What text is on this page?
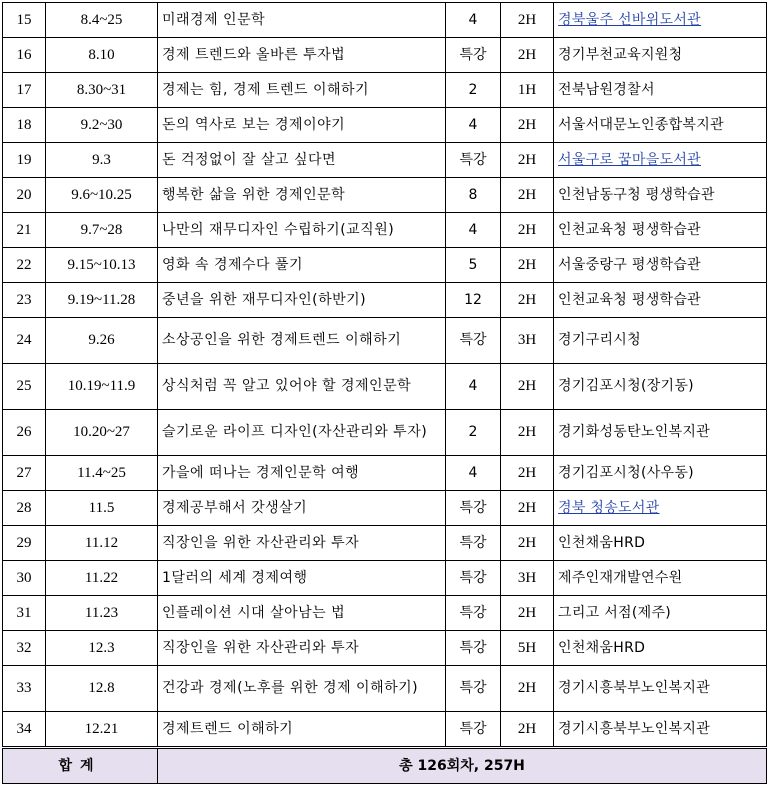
15	8.4~25	미래경제 인문학	4	2H	경북울주 선바위도서관
16	8.10	경제 트렌드와 올바른 투자법	특강	2H	경기부천교육지원청
17	8.30~31	경제는 힘, 경제 트렌드 이해하기	2	1H	전북남원경찰서
18	9.2~30	돈의 역사로 보는 경제이야기	4	2H	서울서대문노인종합복지관
19	9.3	돈 걱정없이 잘 살고 싶다면	특강	2H	서울구로 꿈마을도서관
20	9.6~10.25	행복한 삶을 위한 경제인문학	8	2H	인천남동구청 평생학습관
21	9.7~28	나만의 재무디자인 수립하기(교직원)	4	2H	인천교육청 평생학습관
22	9.15~10.13	영화 속 경제수다 풀기	5	2H	서울중랑구 평생학습관
23	9.19~11.28	중년을 위한 재무디자인(하반기)	12	2H	인천교육청 평생학습관
24	9.26	소상공인을 위한 경제트렌드 이해하기	특강	3H	경기구리시청
25	10.19~11.9	상식처럼 꼭 알고 있어야 할 경제인문학	4	2H	경기김포시청(장기동)
26	10.20~27	슬기로운 라이프 디자인(자산관리와 투자)	2	2H	경기화성동탄노인복지관
27	11.4~25	가을에 떠나는 경제인문학 여행	4	2H	경기김포시청(사우동)
28	11.5	경제공부해서 갓생살기	특강	2H	경북 청송도서관
29	11.12	직장인을 위한 자산관리와 투자	특강	2H	인천채움HRD
30	11.22	1달러의 세계 경제여행	특강	3H	제주인재개발연수원
31	11.23	인플레이션 시대 살아남는 법	특강	2H	그리고 서점(제주)
32	12.3	직장인을 위한 자산관리와 투자	특강	5H	인천채움HRD
33	12.8	건강과 경제(노후를 위한 경제 이해하기)	특강	2H	경기시흥북부노인복지관
34	12.21	경제트렌드 이해하기	특강	2H	경기시흥북부노인복지관
합계		총 126회차, 257H			
